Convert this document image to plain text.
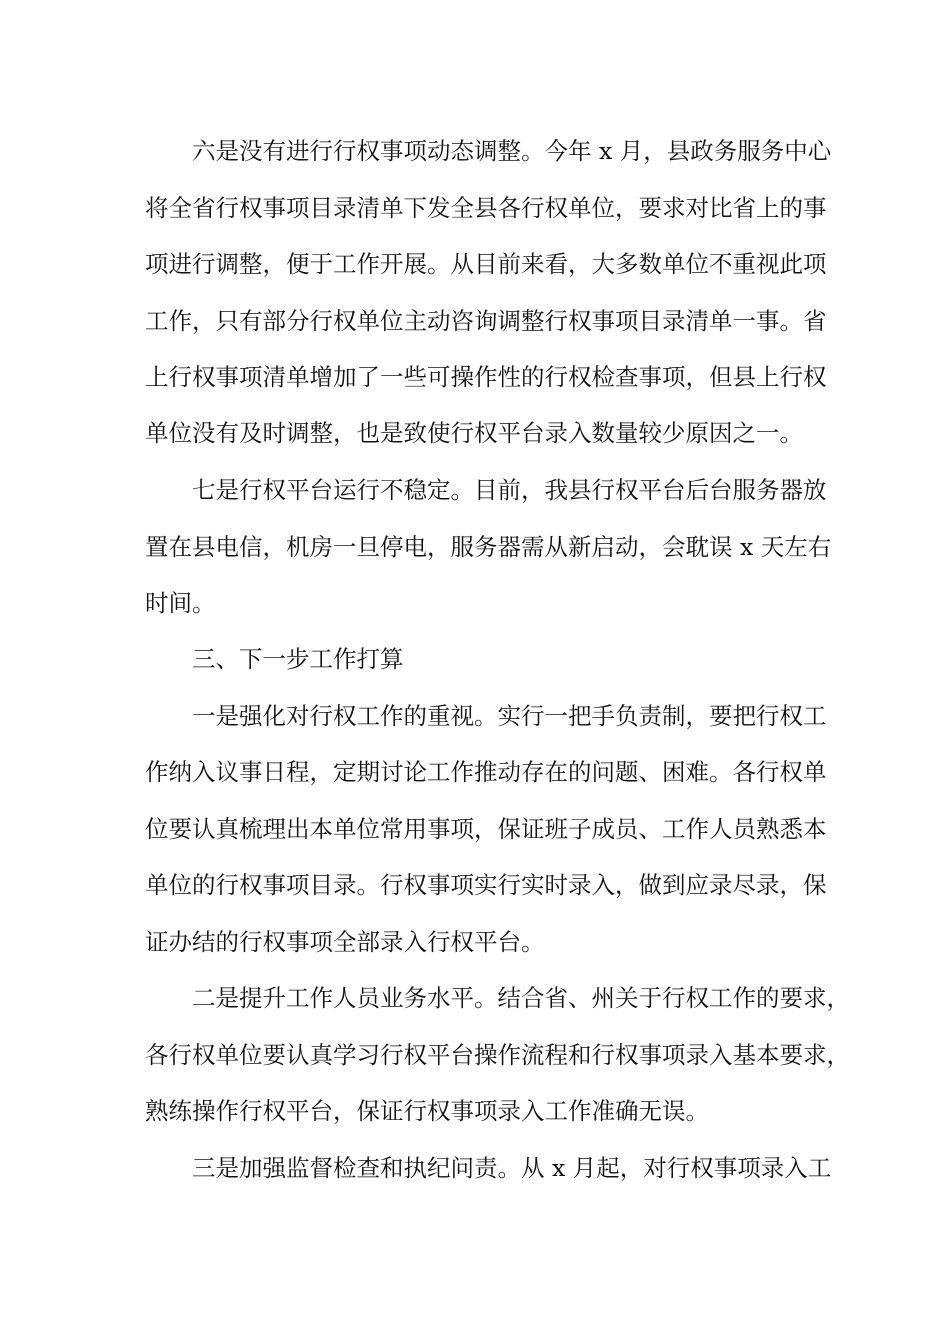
六是没有进行行权事项动态调整。今年 x 月，县政务服务中心
将全省行权事项目录清单下发全县各行权单位，要求对比省上的事
项进行调整，便于工作开展。从目前来看，大多数单位不重视此项
工作，只有部分行权单位主动咨询调整行权事项目录清单一事。省
上行权事项清单增加了一些可操作性的行权检查事项，但县上行权
单位没有及时调整，也是致使行权平台录入数量较少原因之一。
七是行权平台运行不稳定。目前，我县行权平台后台服务器放
置在县电信，机房一旦停电，服务器需从新启动，会耽误 x 天左右
时间。
三、下一步工作打算
一是强化对行权工作的重视。实行一把手负责制，要把行权工
作纳入议事日程，定期讨论工作推动存在的问题、困难。各行权单
位要认真梳理出本单位常用事项，保证班子成员、工作人员熟悉本
单位的行权事项目录。行权事项实行实时录入，做到应录尽录，保
证办结的行权事项全部录入行权平台。
二是提升工作人员业务水平。结合省、州关于行权工作的要求，
各行权单位要认真学习行权平台操作流程和行权事项录入基本要求，
熟练操作行权平台，保证行权事项录入工作准确无误。
三是加强监督检查和执纪问责。从 x 月起，对行权事项录入工
